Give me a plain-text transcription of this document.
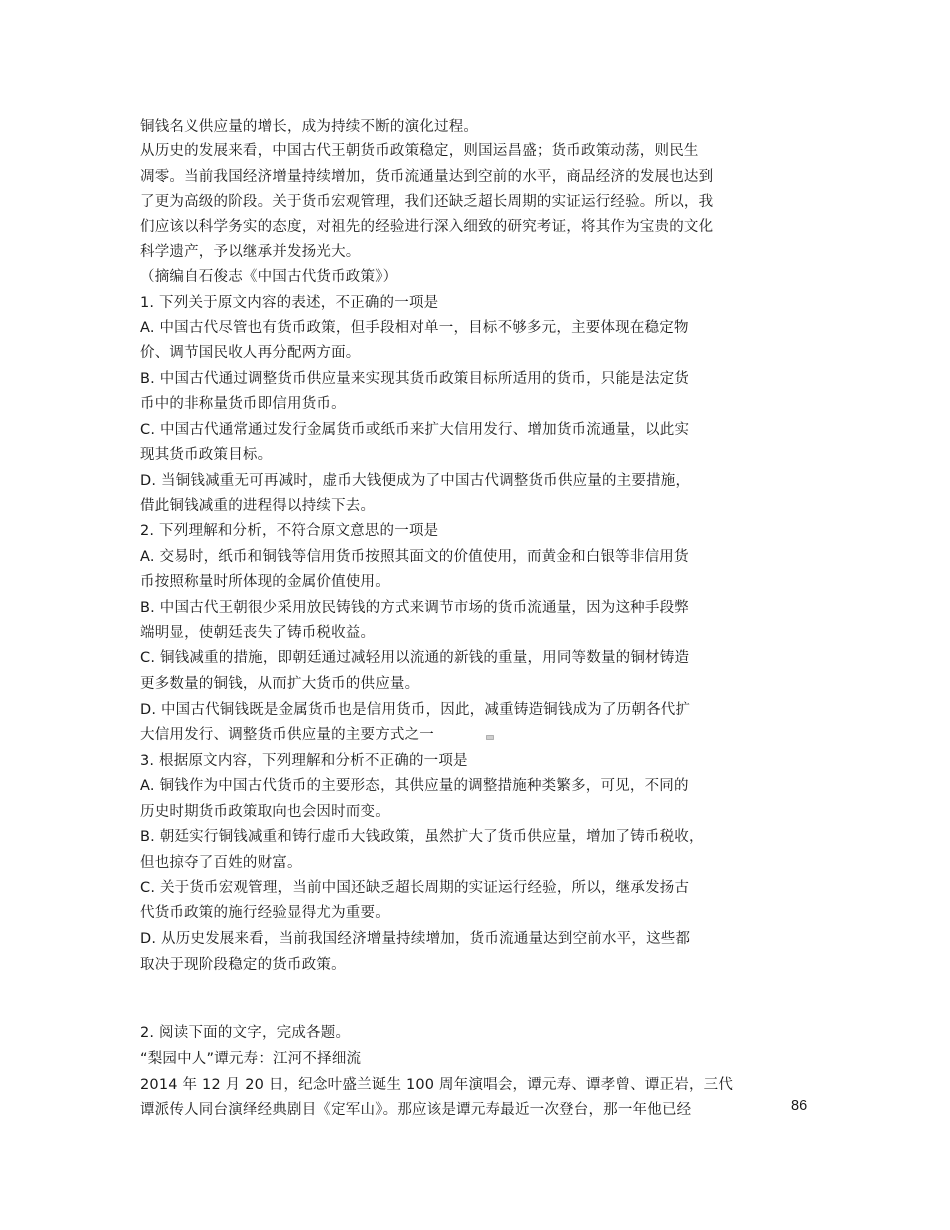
铜钱名义供应量的增长，成为持续不断的演化过程。
从历史的发展来看，中国古代王朝货币政策稳定，则国运昌盛；货币政策动荡，则民生
凋零。当前我国经济增量持续增加，货币流通量达到空前的水平，商品经济的发展也达到
了更为高级的阶段。关于货币宏观管理，我们还缺乏超长周期的实证运行经验。所以，我
们应该以科学务实的态度，对祖先的经验进行深入细致的研究考证，将其作为宝贵的文化
科学遗产，予以继承并发扬光大。
（摘编自石俊志《中国古代货币政策》）
1. 下列关于原文内容的表述，不正确的一项是
A. 中国古代尽管也有货币政策，但手段相对单一，目标不够多元，主要体现在稳定物
价、调节国民收人再分配两方面。
B. 中国古代通过调整货币供应量来实现其货币政策目标所适用的货币，只能是法定货
币中的非称量货币即信用货币。
C. 中国古代通常通过发行金属货币或纸币来扩大信用发行、增加货币流通量，以此实
现其货币政策目标。
D. 当铜钱减重无可再减时，虚币大钱便成为了中国古代调整货币供应量的主要措施，
借此铜钱减重的进程得以持续下去。
2. 下列理解和分析，不符合原文意思的一项是
A. 交易时，纸币和铜钱等信用货币按照其面文的价值使用，而黄金和白银等非信用货
币按照称量时所体现的金属价值使用。
B. 中国古代王朝很少采用放民铸钱的方式来调节市场的货币流通量，因为这种手段弊
端明显，使朝廷丧失了铸币税收益。
C. 铜钱减重的措施，即朝廷通过减轻用以流通的新钱的重量，用同等数量的铜材铸造
更多数量的铜钱，从而扩大货币的供应量。
D. 中国古代铜钱既是金属货币也是信用货币，因此，减重铸造铜钱成为了历朝各代扩
大信用发行、调整货币供应量的主要方式之一
3. 根据原文内容，下列理解和分析不正确的一项是
A. 铜钱作为中国古代货币的主要形态，其供应量的调整措施种类繁多，可见，不同的
历史时期货币政策取向也会因时而变。
B. 朝廷实行铜钱减重和铸行虚币大钱政策，虽然扩大了货币供应量，增加了铸币税收，
但也掠夺了百姓的财富。
C. 关于货币宏观管理，当前中国还缺乏超长周期的实证运行经验，所以，继承发扬古
代货币政策的施行经验显得尤为重要。
D. 从历史发展来看，当前我国经济增量持续增加，货币流通量达到空前水平，这些都
取决于现阶段稳定的货币政策。
2. 阅读下面的文字，完成各题。
“梨园中人”谭元寿：江河不择细流
2014 年 12 月 20 日，纪念叶盛兰诞生 100 周年演唱会，谭元寿、谭孝曾、谭正岩，三代
谭派传人同台演绎经典剧目《定军山》。那应该是谭元寿最近一次登台，那一年他已经	86
